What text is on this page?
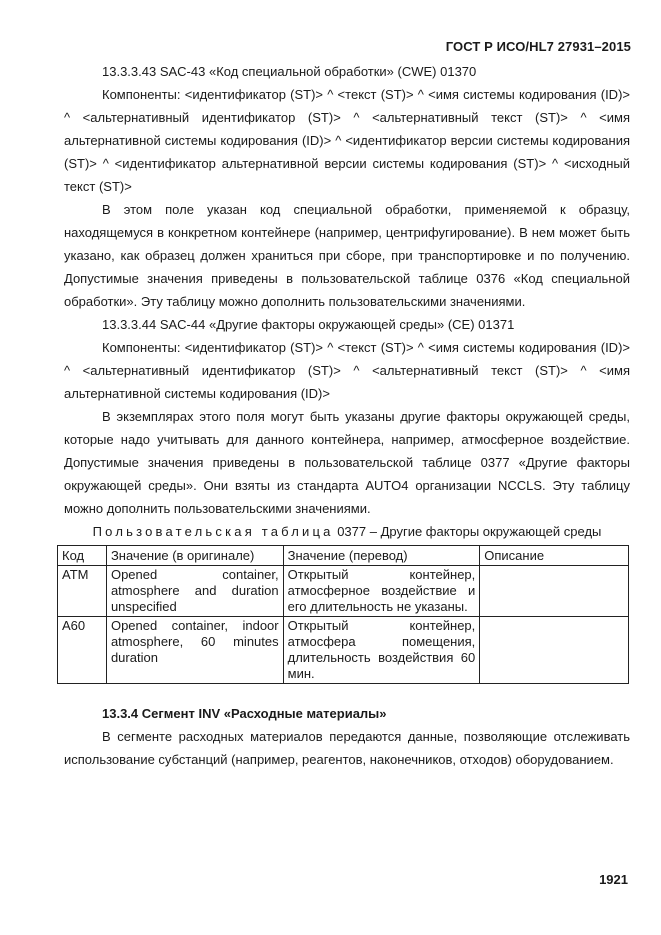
ГОСТ Р ИСО/HL7 27931–2015

13.3.3.43 SAC-43 «Код специальной обработки» (CWE) 01370

Компоненты: <идентификатор (ST)> ^ <текст (ST)> ^ <имя системы кодирования (ID)> ^ <альтернативный идентификатор (ST)> ^ <альтернативный текст (ST)> ^ <имя альтернативной системы кодирования (ID)> ^ <идентификатор версии системы кодирования (ST)> ^ <идентификатор альтернативной версии системы кодирования (ST)> ^ <исходный текст (ST)>

В этом поле указан код специальной обработки, применяемой к образцу, находящемуся в конкретном контейнере (например, центрифугирование). В нем может быть указано, как образец должен храниться при сборе, при транспортировке и по получению. Допустимые значения приведены в пользовательской таблице 0376 «Код специальной обработки». Эту таблицу можно дополнить пользовательскими значениями.

13.3.3.44 SAC-44 «Другие факторы окружающей среды» (CE) 01371

Компоненты: <идентификатор (ST)> ^ <текст (ST)> ^ <имя системы кодирования (ID)> ^ <альтернативный идентификатор (ST)> ^ <альтернативный текст (ST)> ^ <имя альтернативной системы кодирования (ID)>

В экземплярах этого поля могут быть указаны другие факторы окружающей среды, которые надо учитывать для данного контейнера, например, атмосферное воздействие. Допустимые значения приведены в пользовательской таблице 0377 «Другие факторы окружающей среды». Они взяты из стандарта AUTO4 организации NCCLS. Эту таблицу можно дополнить пользовательскими значениями.

Пользовательская таблица 0377 – Другие факторы окружающей среды
Код	Значение (в оригинале)	Значение (перевод)	Описание
ATM	Opened container, atmosphere and duration unspecified	Открытый контейнер, атмосферное воздействие и его длительность не указаны.	
A60	Opened container, indoor atmosphere, 60 minutes duration	Открытый контейнер, атмосфера помещения, длительность воздействия 60 мин.	

13.3.4 Сегмент INV «Расходные материалы»

В сегменте расходных материалов передаются данные, позволяющие отслеживать использование субстанций (например, реагентов, наконечников, отходов) оборудованием.

1921
